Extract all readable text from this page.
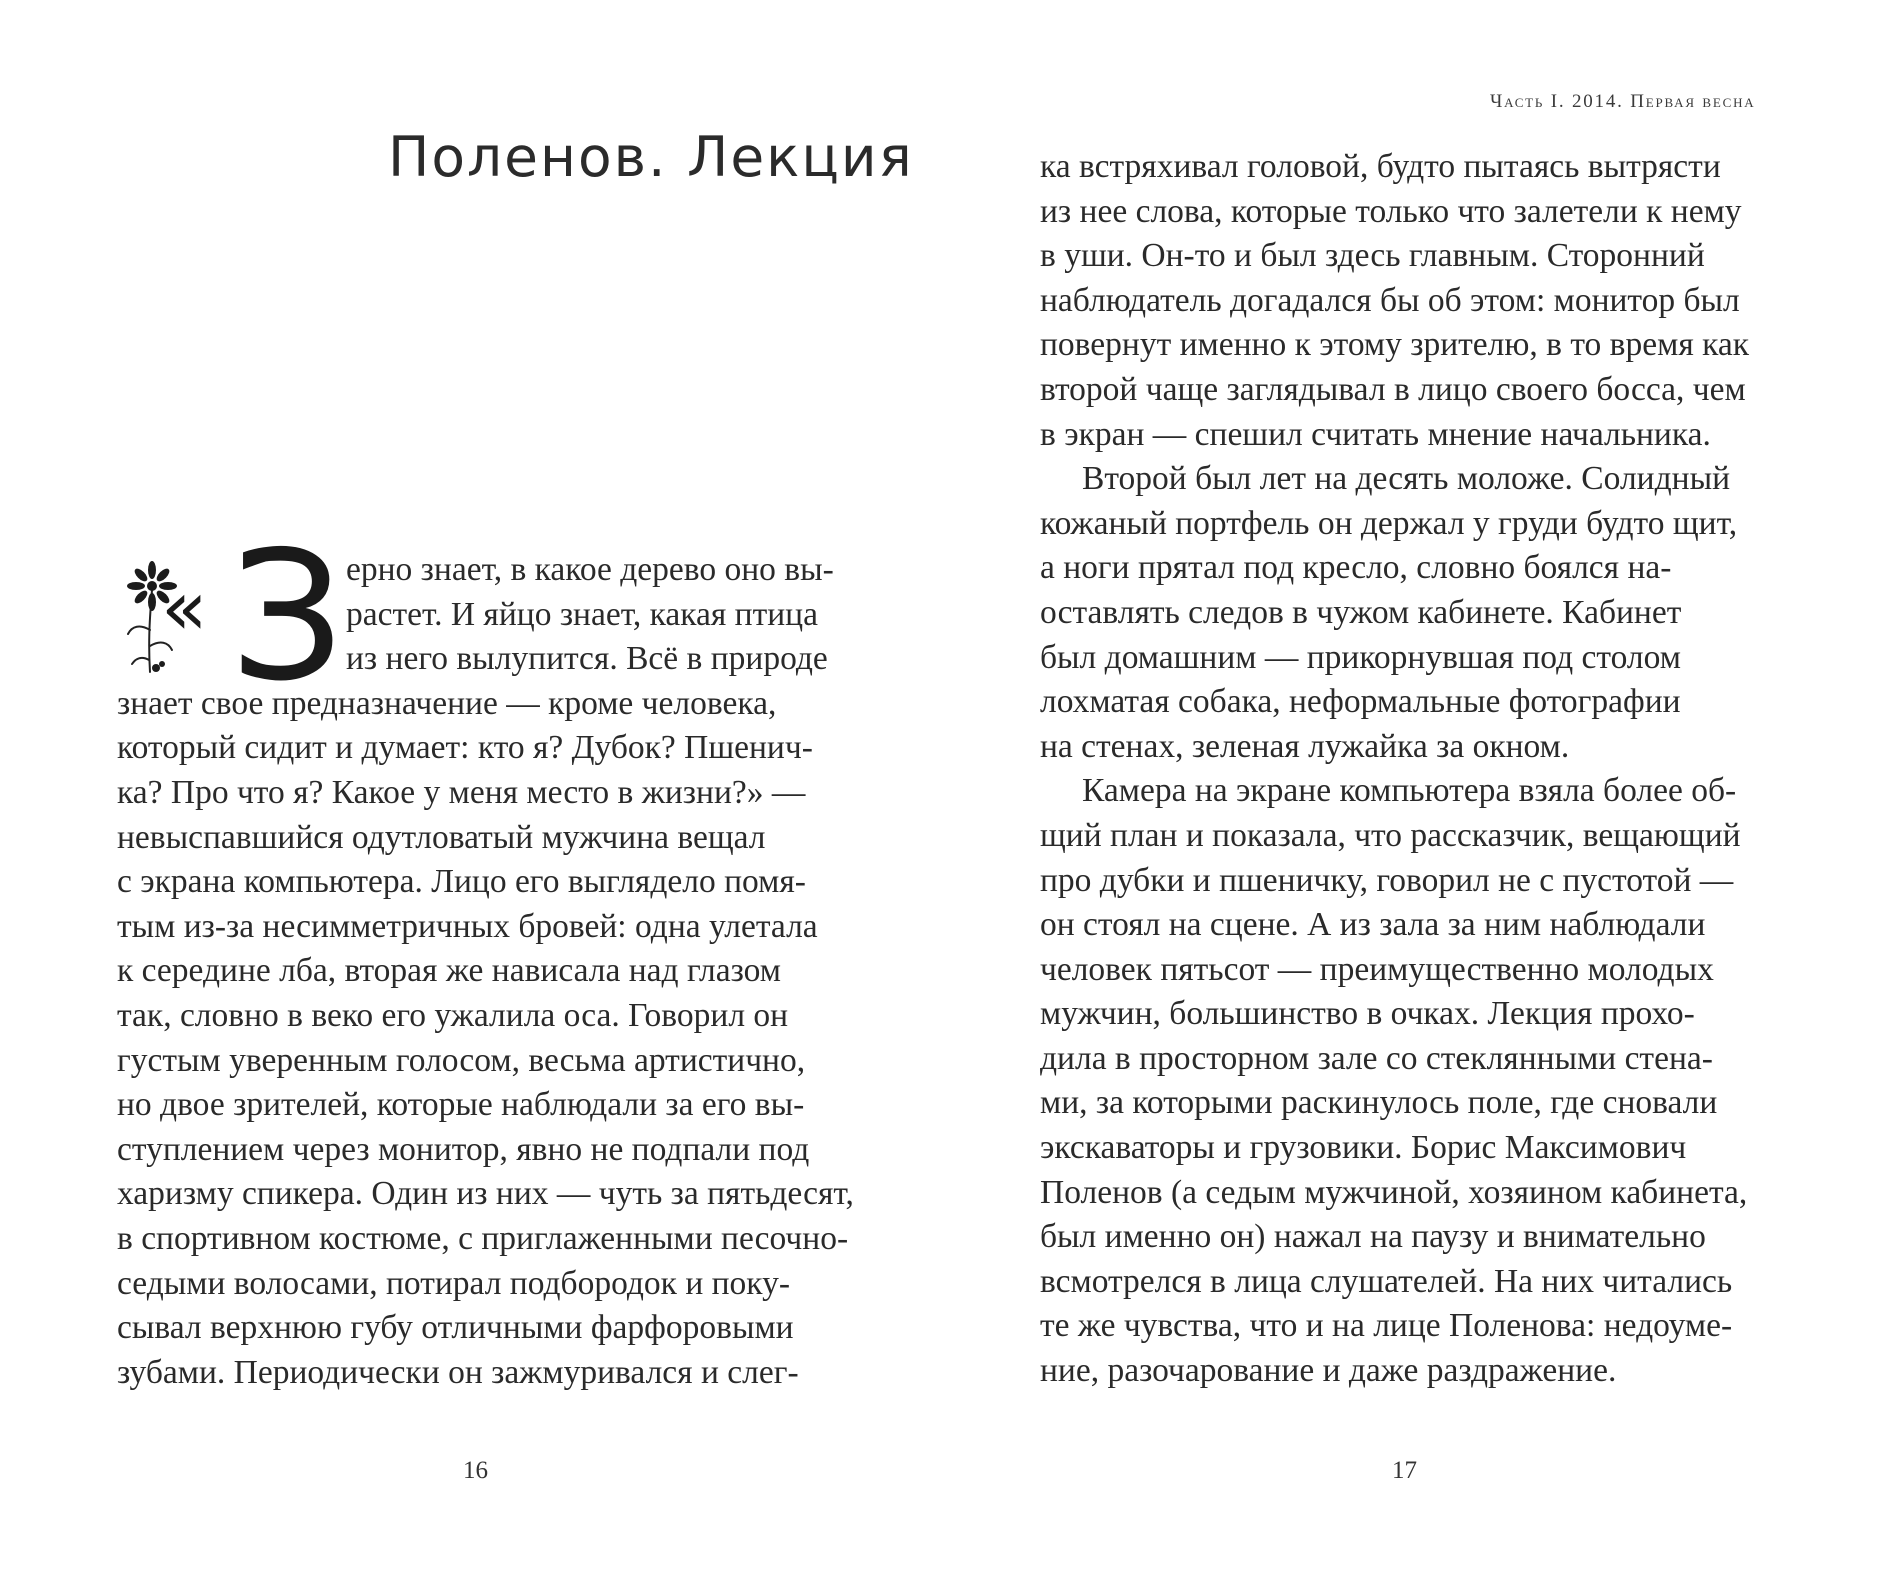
Часть I. 2014. Первая весна
Поленов. Лекция
« З ерно знает, в какое дерево оно вы-
растет. И яйцо знает, какая птица
из него вылупится. Всё в природе
знает свое предназначение — кроме человека,
который сидит и думает: кто я? Дубок? Пшенич-
ка? Про что я? Какое у меня место в жизни?» —
невыспавшийся одутловатый мужчина вещал
с экрана компьютера. Лицо его выглядело помя-
тым из-за несимметричных бровей: одна улетала
к середине лба, вторая же нависала над глазом
так, словно в веко его ужалила оса. Говорил он
густым уверенным голосом, весьма артистично,
но двое зрителей, которые наблюдали за его вы-
ступлением через монитор, явно не подпали под
харизму спикера. Один из них — чуть за пятьдесят,
в спортивном костюме, с приглаженными песочно-
седыми волосами, потирал подбородок и поку-
сывал верхнюю губу отличными фарфоровыми
зубами. Периодически он зажмуривался и слег-
ка встряхивал головой, будто пытаясь вытрясти
из нее слова, которые только что залетели к нему
в уши. Он-то и был здесь главным. Сторонний
наблюдатель догадался бы об этом: монитор был
повернут именно к этому зрителю, в то время как
второй чаще заглядывал в лицо своего босса, чем
в экран — спешил считать мнение начальника.
Второй был лет на десять моложе. Солидный
кожаный портфель он держал у груди будто щит,
а ноги прятал под кресло, словно боялся на-
оставлять следов в чужом кабинете. Кабинет
был домашним — прикорнувшая под столом
лохматая собака, неформальные фотографии
на стенах, зеленая лужайка за окном.
Камера на экране компьютера взяла более об-
щий план и показала, что рассказчик, вещающий
про дубки и пшеничку, говорил не с пустотой —
он стоял на сцене. А из зала за ним наблюдали
человек пятьсот — преимущественно молодых
мужчин, большинство в очках. Лекция прохо-
дила в просторном зале со стеклянными стена-
ми, за которыми раскинулось поле, где сновали
экскаваторы и грузовики. Борис Максимович
Поленов (а седым мужчиной, хозяином кабинета,
был именно он) нажал на паузу и внимательно
всмотрелся в лица слушателей. На них читались
те же чувства, что и на лице Поленова: недоуме-
ние, разочарование и даже раздражение.
16	17
